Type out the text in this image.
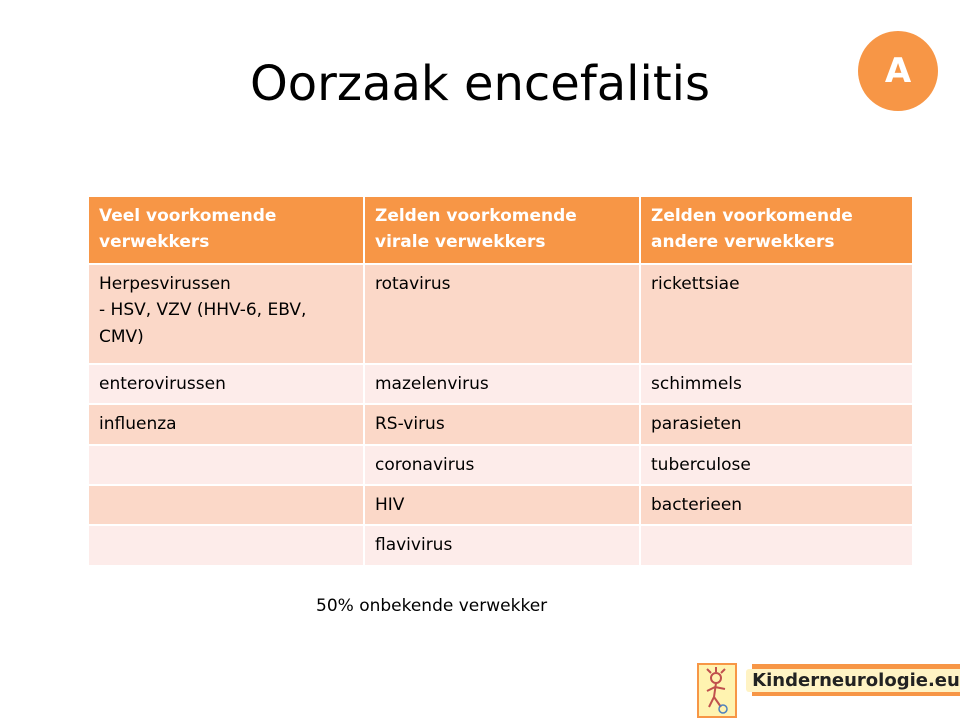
Oorzaak encefalitis	A
Veel voorkomende verwekkers	Zelden voorkomende virale verwekkers	Zelden voorkomende andere verwekkers

Herpesvirussen
- HSV, VZV (HHV-6, EBV, CMV)	rotavirus	rickettsiae
enterovirussen	mazelenvirus	schimmels
influenza	RS-virus	parasieten
	coronavirus	tuberculose
	HIV	bacterieen
	flavivirus	
50% onbekende verwekker
Kinderneurologie.eu
